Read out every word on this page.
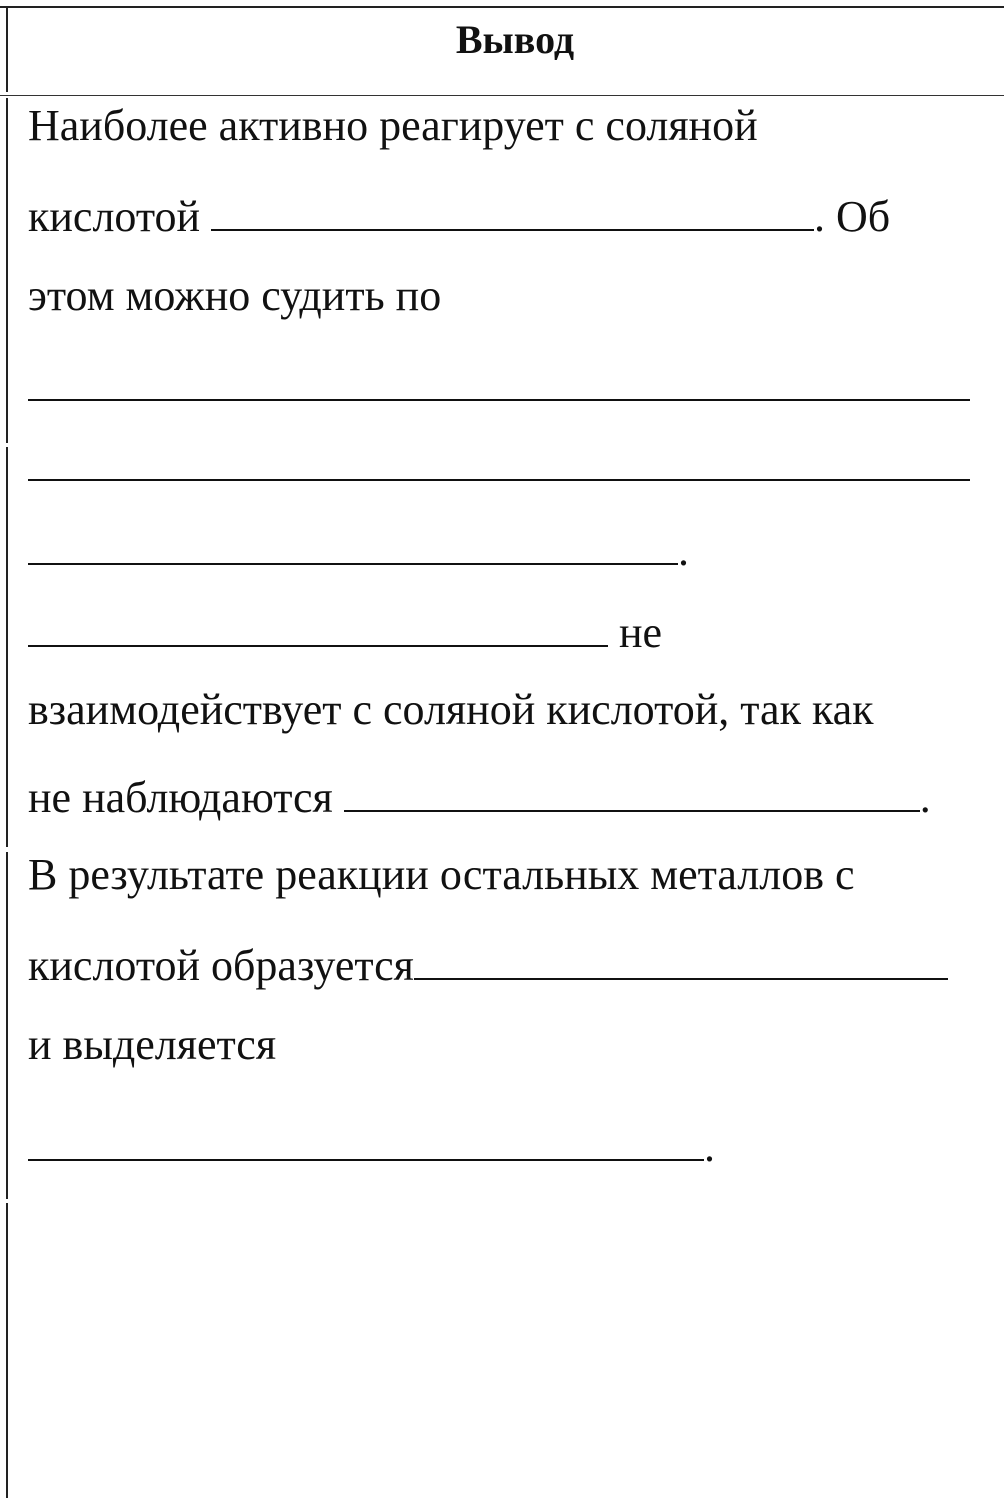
Вывод
Наиболее активно реагирует с соляной
кислотой	. Об
этом можно судить по
.
не
взаимодействует с соляной кислотой, так как
не наблюдаются	.
В результате реакции остальных металлов с
кислотой образуется
и выделяется
.
